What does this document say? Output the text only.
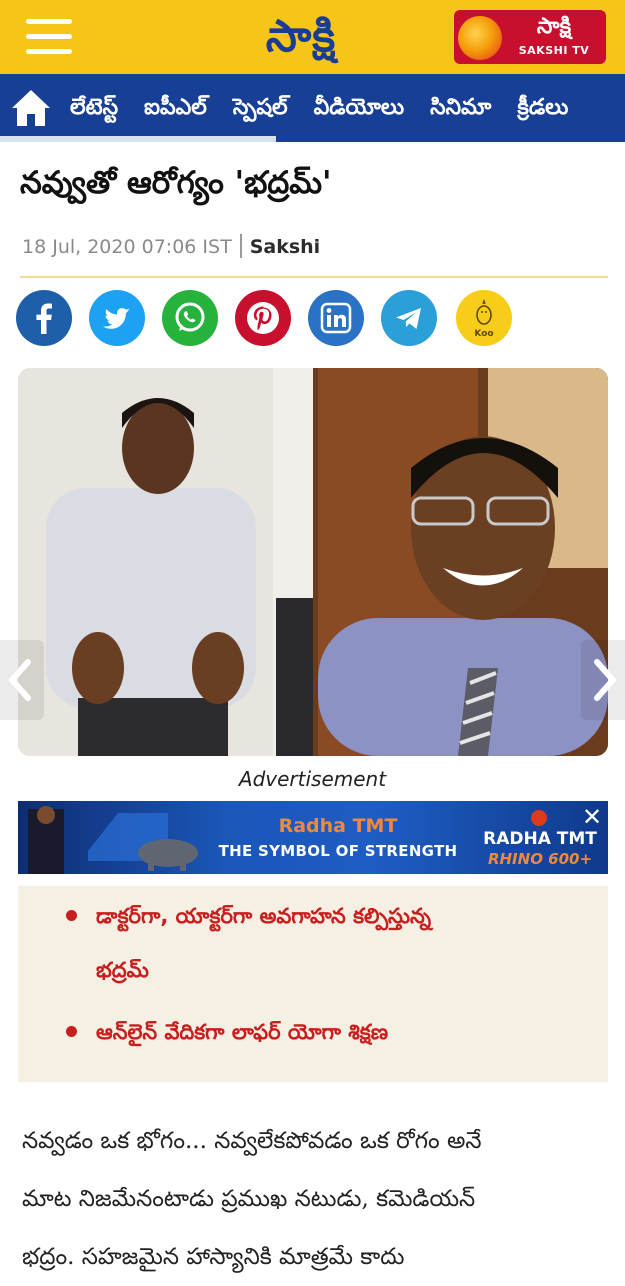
సాక్షి	సాక్షి
SAKSHI TV
లేటెస్ట్ ఐపీఎల్ స్పెషల్ వీడియోలు సినిమా క్రీడలు
నవ్వుతో ఆరోగ్యం 'భద్రమ్'
18 Jul, 2020 07:06 IST Sakshi
Koo
Advertisement
Radha TMT
THE SYMBOL OF STRENGTH
RADHA TMT
RHINO 600+
✕
డాక్టర్‌గా, యాక్టర్‌గా అవగాహన కల్పిస్తున్న
భద్రమ్
ఆన్‌లైన్‌ వేదికగా లాఫర్‌ యోగా శిక్షణ
నవ్వడం ఒక భోగం... నవ్వలేకపోవడం ఒక రోగం అనే
మాట నిజమేనంటాడు ప్రముఖ నటుడు, కమెడియన్‌
భద్రం. సహజమైన హాస్యానికి మాత్రమే కాదు
